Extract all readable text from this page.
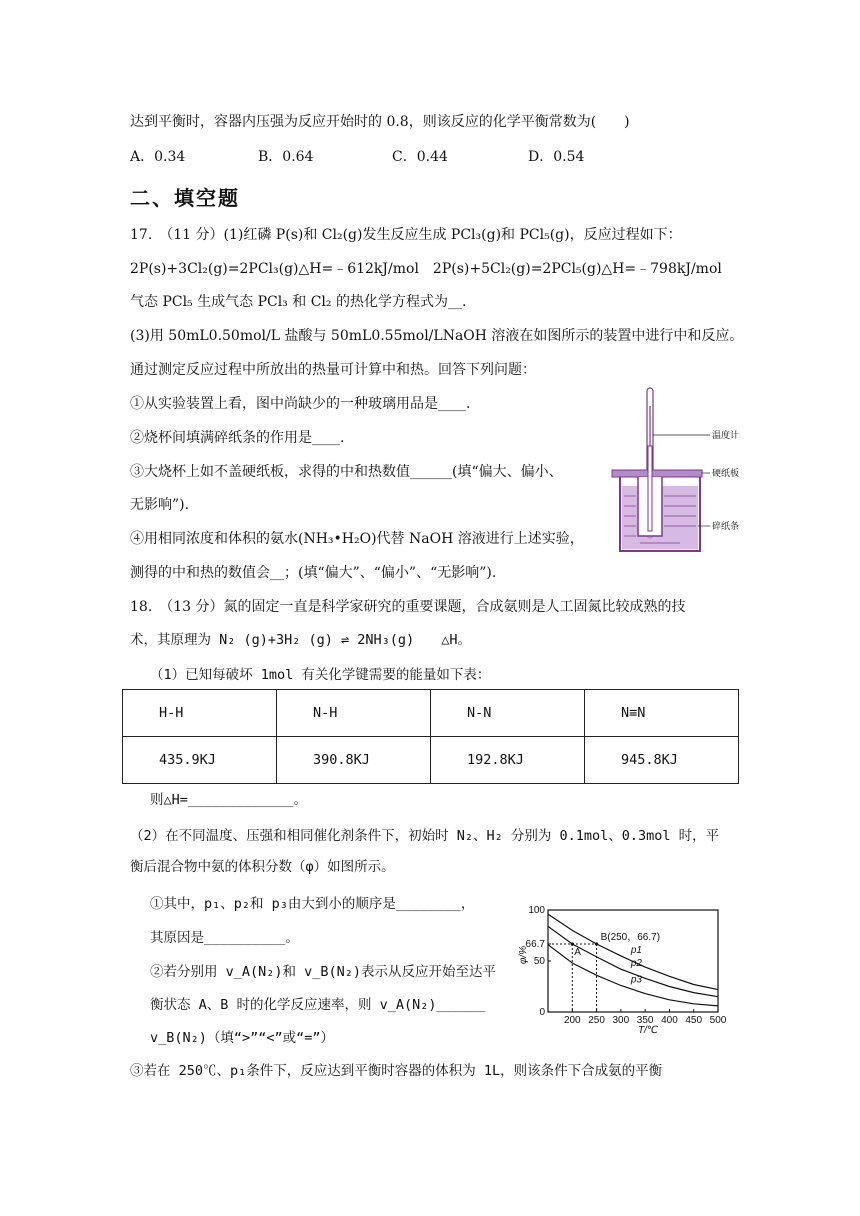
达到平衡时，容器内压强为反应开始时的 0.8，则该反应的化学平衡常数为(　　)
A．0.34	B．0.64	C．0.44	D．0.54
二、填空题
17.　（11 分）(1)红磷 P(s)和 Cl₂(g)发生反应生成 PCl₃(g)和 PCl₅(g)，反应过程如下：
2P(s)+3Cl₂(g)=2PCl₃(g)△H=﹣612kJ/mol　2P(s)+5Cl₂(g)=2PCl₅(g)△H=﹣798kJ/mol
气态 PCl₅ 生成气态 PCl₃ 和 Cl₂ 的热化学方程式为__.
(3)用 50mL0.50mol/L 盐酸与 50mL0.55mol/LNaOH 溶液在如图所示的装置中进行中和反应。
通过测定反应过程中所放出的热量可计算中和热。回答下列问题：
①从实验装置上看，图中尚缺少的一种玻璃用品是____.
②烧杯间填满碎纸条的作用是____.
③大烧杯上如不盖硬纸板，求得的中和热数值______(填“偏大、偏小、
无影响”).
④用相同浓度和体积的氨水(NH₃•H₂O)代替 NaOH 溶液进行上述实验，
测得的中和热的数值会__；(填“偏大”、“偏小”、“无影响”).
温度计
硬纸板
碎纸条
18.　（13 分）氮的固定一直是科学家研究的重要课题，合成氨则是人工固氮比较成熟的技
术，其原理为 N₂ (g)+3H₂ (g) ⇌ 2NH₃(g)　　△H。
（1）已知每破坏 1mol 有关化学键需要的能量如下表：
H-H	N-H	N-N	N≡N
435.9KJ	390.8KJ	192.8KJ	945.8KJ
则△H=_____________。
（2）在不同温度、压强和相同催化剂条件下，初始时 N₂、H₂ 分别为 0.1mol、0.3mol 时，平
衡后混合物中氨的体积分数（φ）如图所示。
①其中，p₁、p₂和 p₃由大到小的顺序是________，
其原因是__________。
②若分别用 v_A(N₂)和 v_B(N₂)表示从反应开始至达平
衡状态 A、B 时的化学反应速率，则 v_A(N₂)______
v_B(N₂)（填“>”“<”或“=”）
③若在 250℃、p₁条件下，反应达到平衡时容器的体积为 1L，则该条件下合成氨的平衡
200 250 300 350 400 450 500
0
50
66.7
100
T/℃
φ/%	p1
p2
p3
B(250，66.7)
A
